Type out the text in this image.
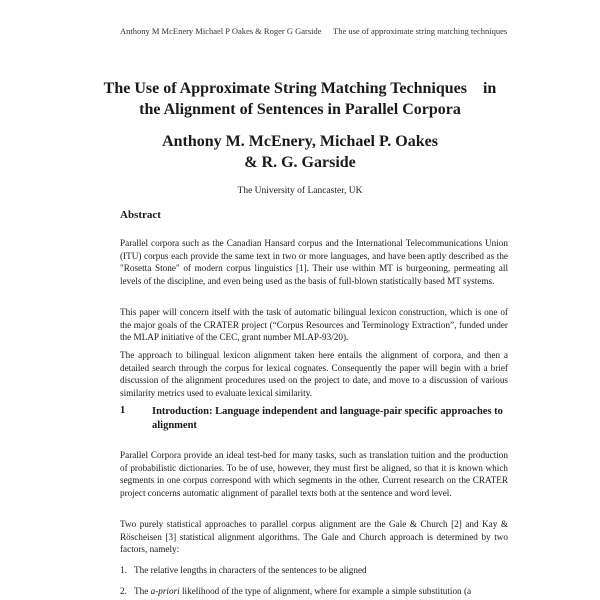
Anthony M McEnery Michael P Oakes & Roger G Garside The use of approximate string matching techniques
The Use of Approximate String Matching Techniques    in
the Alignment of Sentences in Parallel Corpora
Anthony M. McEnery, Michael P. Oakes
& R. G. Garside
The University of Lancaster, UK
Abstract
Parallel corpora such as the Canadian Hansard corpus and the International Telecommunications Union (ITU) corpus each provide the same text in two or more languages, and have been aptly described as the "Rosetta Stone" of modern corpus linguistics [1]. Their use within MT is burgeoning, permeating all levels of the discipline, and even being used as the basis of full-blown statistically based MT systems.
This paper will concern itself with the task of automatic bilingual lexicon construction, which is one of the major goals of the CRATER project (“Corpus Resources and Terminology Extraction”, funded under the MLAP initiative of the CEC, grant number MLAP-93/20).
The approach to bilingual lexicon alignment taken here entails the alignment of corpora, and then a detailed search through the corpus for lexical cognates. Consequently the paper will begin with a brief discussion of the alignment procedures used on the project to date, and move to a discussion of various similarity metrics used to evaluate lexical similarity.
1	Introduction: Language independent and language-pair specific approaches to alignment
Parallel Corpora provide an ideal test-bed for many tasks, such as translation tuition and the production of probabilistic dictionaries. To be of use, however, they must first be aligned, so that it is known which segments in one corpus correspond with which segments in the other. Current research on the CRATER project concerns automatic alignment of parallel texts both at the sentence and word level.
Two purely statistical approaches to parallel corpus alignment are the Gale & Church [2] and Kay & Röscheisen [3] statistical alignment algorithms. The Gale and Church approach is determined by two factors, namely:
1. The relative lengths in characters of the sentences to be aligned
2. The a-priori likelihood of the type of alignment, where for example a simple substitution (a
